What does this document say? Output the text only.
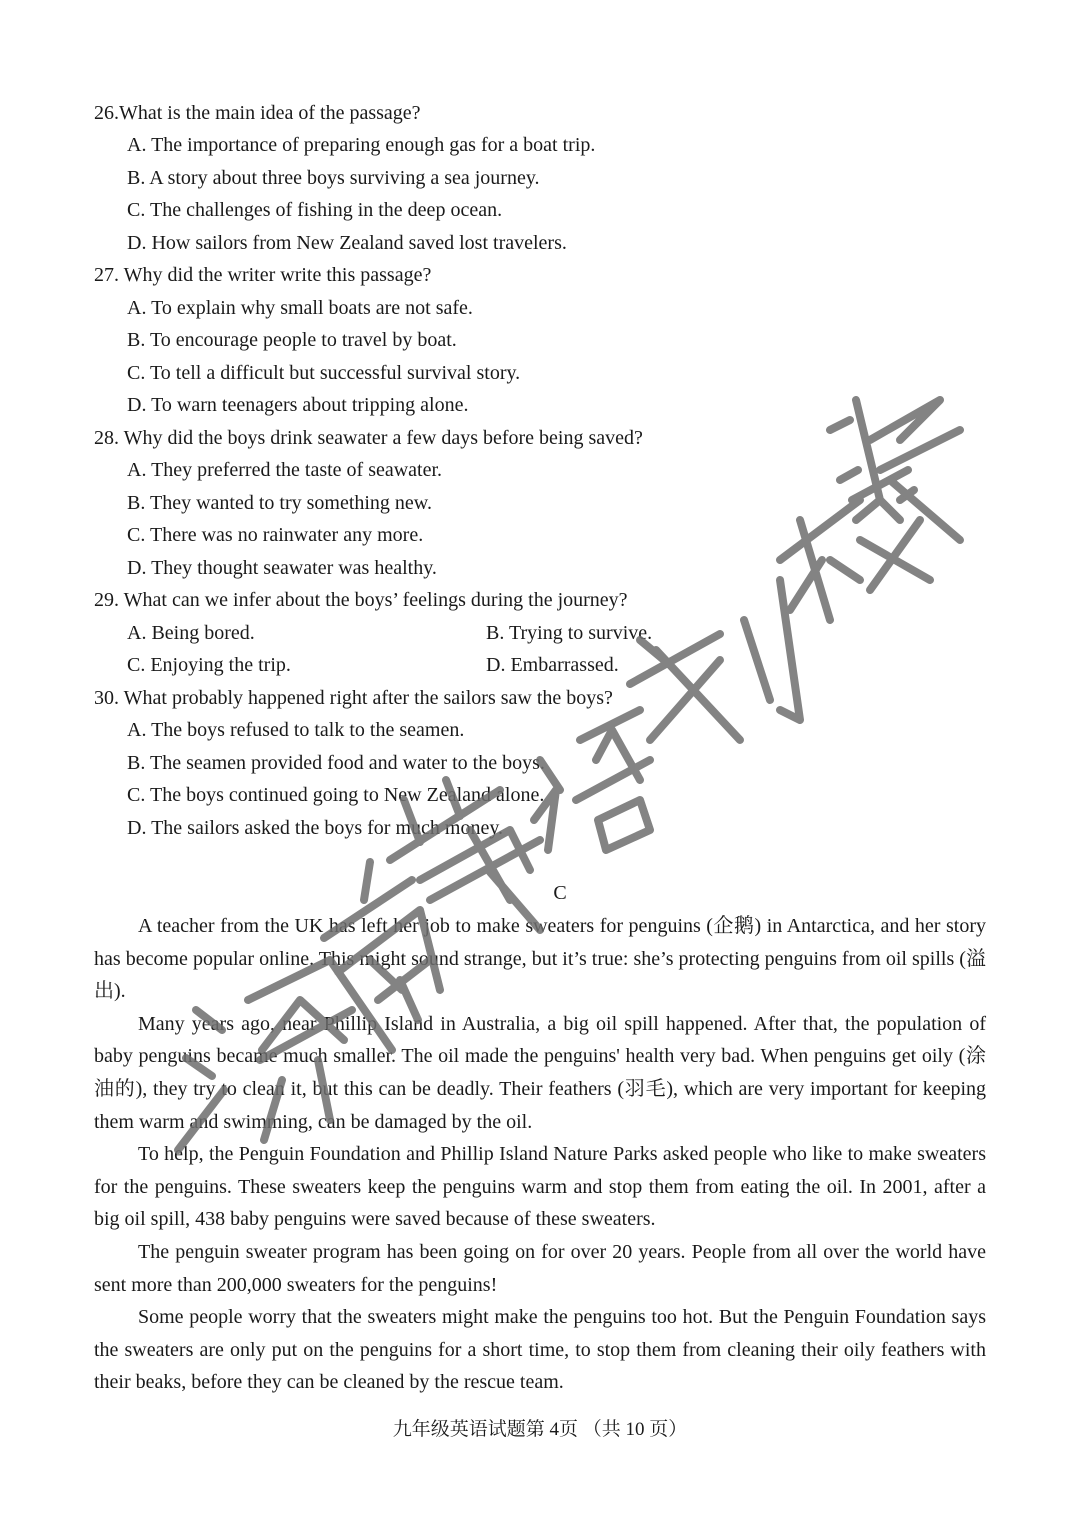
26.What is the main idea of the passage?
A. The importance of preparing enough gas for a boat trip.
B. A story about three boys surviving a sea journey.
C. The challenges of fishing in the deep ocean.
D. How sailors from New Zealand saved lost travelers.
27. Why did the writer write this passage?
A. To explain why small boats are not safe.
B. To encourage people to travel by boat.
C. To tell a difficult but successful survival story.
D. To warn teenagers about tripping alone.
28. Why did the boys drink seawater a few days before being saved?
A. They preferred the taste of seawater.
B. They wanted to try something new.
C. There was no rainwater any more.
D. They thought seawater was healthy.
29. What can we infer about the boys’ feelings during the journey?
A. Being bored.	B. Trying to survive.
C. Enjoying the trip.	D. Embarrassed.
30. What probably happened right after the sailors saw the boys?
A. The boys refused to talk to the seamen.
B. The seamen provided food and water to the boys.
C. The boys continued going to New Zealand alone.
D. The sailors asked the boys for much money.
C

A teacher from the UK has left her job to make sweaters for penguins (企鹅) in Antarctica, and her story has become popular online. This might sound strange, but it’s true: she’s protecting penguins from oil spills (溢出).

Many years ago, near Phillip Island in Australia, a big oil spill happened. After that, the population of baby penguins became much smaller. The oil made the penguins' health very bad. When penguins get oily (涂油的), they try to clean it, but this can be deadly. Their feathers (羽毛), which are very important for keeping them warm and swimming, can be damaged by the oil.

To help, the Penguin Foundation and Phillip Island Nature Parks asked people who like to make sweaters for the penguins. These sweaters keep the penguins warm and stop them from eating the oil. In 2001, after a big oil spill, 438 baby penguins were saved because of these sweaters.

The penguin sweater program has been going on for over 20 years. People from all over the world have sent more than 200,000 sweaters for the penguins!

Some people worry that the sweaters might make the penguins too hot. But the Penguin Foundation says the sweaters are only put on the penguins for a short time, to stop them from cleaning their oily feathers with their beaks, before they can be cleaned by the rescue team.

九年级英语试题第 4页 （共 10 页）
